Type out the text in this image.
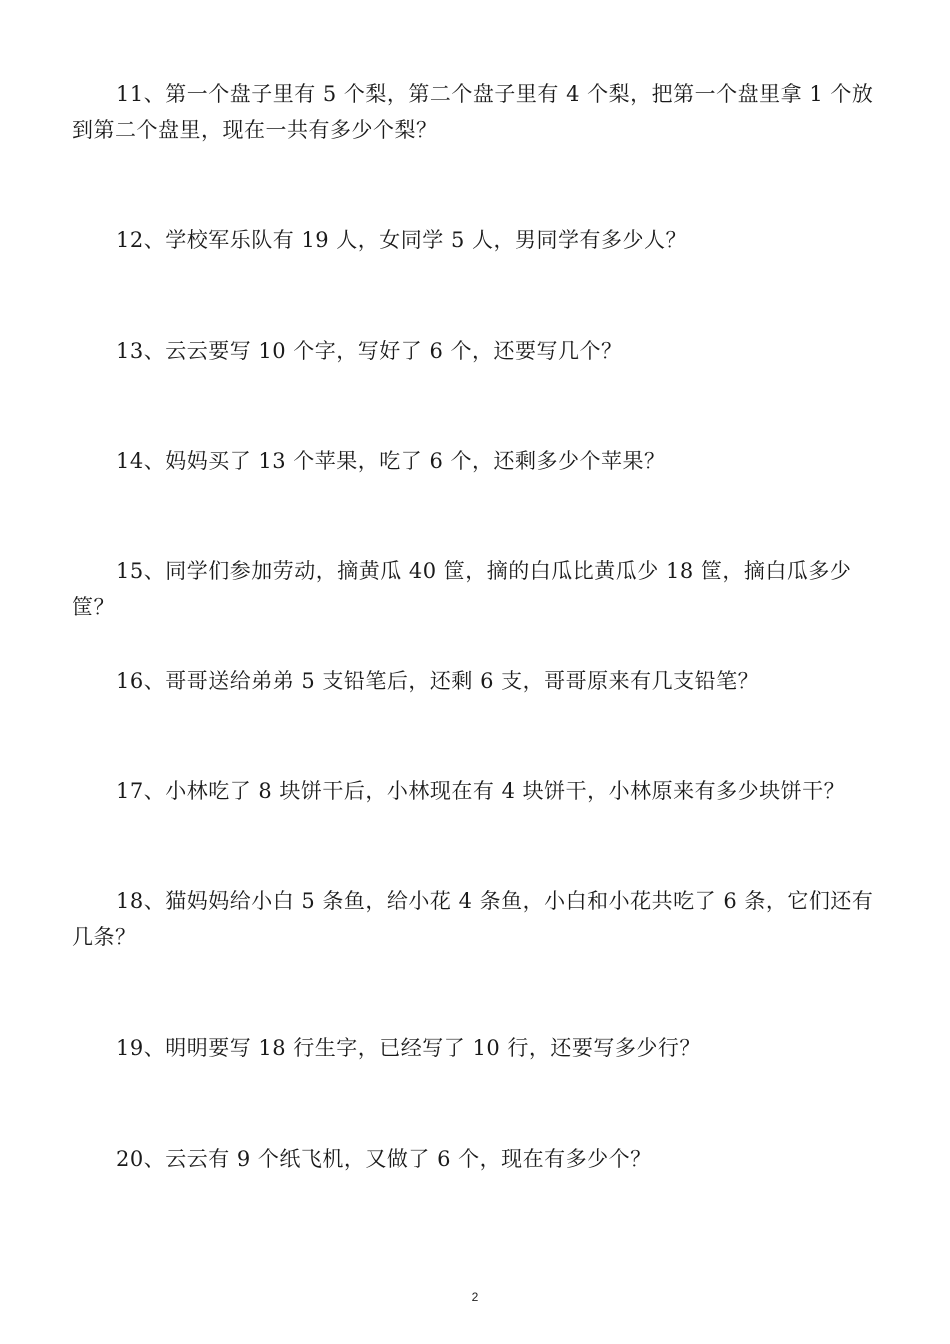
11、第一个盘子里有 5 个梨，第二个盘子里有 4 个梨，把第一个盘里拿 1 个放到第二个盘里，现在一共有多少个梨？

12、学校军乐队有 19 人，女同学 5 人，男同学有多少人？

13、云云要写 10 个字，写好了 6 个，还要写几个？

14、妈妈买了 13 个苹果，吃了 6 个，还剩多少个苹果？

15、同学们参加劳动，摘黄瓜 40 筐，摘的白瓜比黄瓜少 18 筐，摘白瓜多少筐？

16、哥哥送给弟弟 5 支铅笔后，还剩 6 支，哥哥原来有几支铅笔？

17、小林吃了 8 块饼干后，小林现在有 4 块饼干，小林原来有多少块饼干？

18、猫妈妈给小白 5 条鱼，给小花 4 条鱼，小白和小花共吃了 6 条，它们还有几条？

19、明明要写 18 行生字，已经写了 10 行，还要写多少行？

20、云云有 9 个纸飞机，又做了 6 个，现在有多少个？

2
